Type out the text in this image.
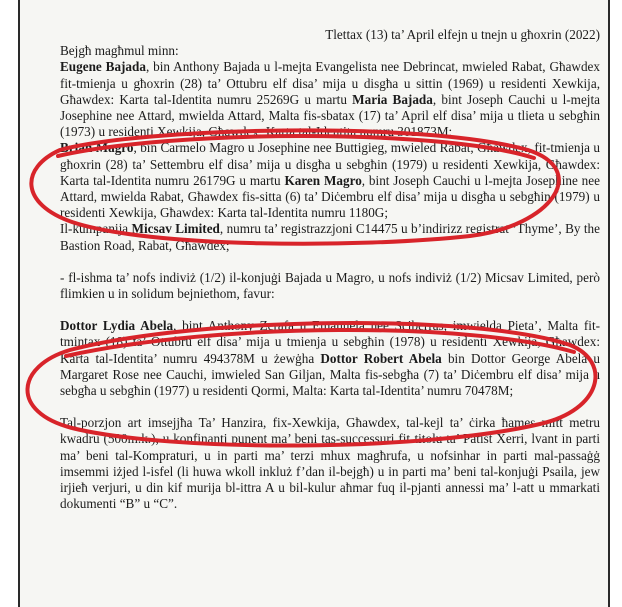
Tlettax (13) ta’ April elfejn u tnejn u għoxrin (2022)

Bejgħ magħmul minn:

Eugene Bajada, bin Anthony Bajada u l-mejta Evangelista nee Debrincat, mwieled Rabat, Għawdex fit-tmienja u għoxrin (28) ta’ Ottubru elf disa’ mija u disgħa u sittin (1969) u residenti Xewkija, Għawdex: Karta tal-Identita numru 25269G u martu Maria Bajada, bint Joseph Cauchi u l-mejta Josephine nee Attard, mwielda Attard, Malta fis-sbatax (17) ta’ April elf disa’ mija u tlieta u sebgħin (1973) u residenti Xewkija, Għawdex: Karta tal-Identita numru 301873M;

Brian Magro, bin Carmelo Magro u Josephine nee Buttigieg, mwieled Rabat, Għawdex, fit-tmienja u għoxrin (28) ta’ Settembru elf disa’ mija u disgħa u sebgħin (1979) u residenti Xewkija, Għawdex: Karta tal-Identita numru 26179G u martu Karen Magro, bint Joseph Cauchi u l-mejta Josephine nee Attard, mwielda Rabat, Għawdex fis-sitta (6) ta’ Diċembru elf disa’ mija u disgħa u sebgħin (1979) u residenti Xewkija, Għawdex: Karta tal-Identita numru 1180G;

Il-kumpanija Micsav Limited, numru ta’ registrazzjoni C14475 u b’indirizz registrat ‘Thyme’, By the Bastion Road, Rabat, Għawdex;

- fl-ishma ta’ nofs indiviż (1/2) il-konjuġi Bajada u Magro, u nofs indiviż (1/2) Micsav Limited, però flimkien u in solidum bejniethom, favur:

Dottor Lydia Abela, bint Anthony Zerafa u Emanuela nee Sciberras, imwielda Pieta’, Malta fit-tmintax (18) ta’ Ottubru elf disa’ mija u tmienja u sebgħin (1978) u residenti Xewkija, Għawdex: Karta tal-Identita’ numru 494378M u żewġha Dottor Robert Abela bin Dottor George Abela u Margaret Rose nee Cauchi, imwieled San Giljan, Malta fis-sebgħa (7) ta’ Diċembru elf disa’ mija u sebgħa u sebgħin (1977) u residenti Qormi, Malta: Karta tal-Identita’ numru 70478M;

Tal-porzjon art imsejjħa Ta’ Hanzira, fix-Xewkija, Għawdex, tal-kejl ta’ ċirka ħames mitt metru kwadru (500m.k.), u konfinanti punent ma’ beni tas-successuri fit-titolu ta’ Patist Xerri, lvant in parti ma’ beni tal-Kompraturi, u in parti ma’ terzi mhux magħrufa, u nofsinhar in parti mal-passaġġ imsemmi iżjed l-isfel (li huwa wkoll inkluż f’dan il-bejgħ) u in parti ma’ beni tal-konjuġi Psaila, jew irjieħ verjuri, u din kif murija bl-ittra A u bil-kulur aħmar fuq il-pjanti annessi ma’ l-att u mmarkati dokumenti “B” u “C”.
